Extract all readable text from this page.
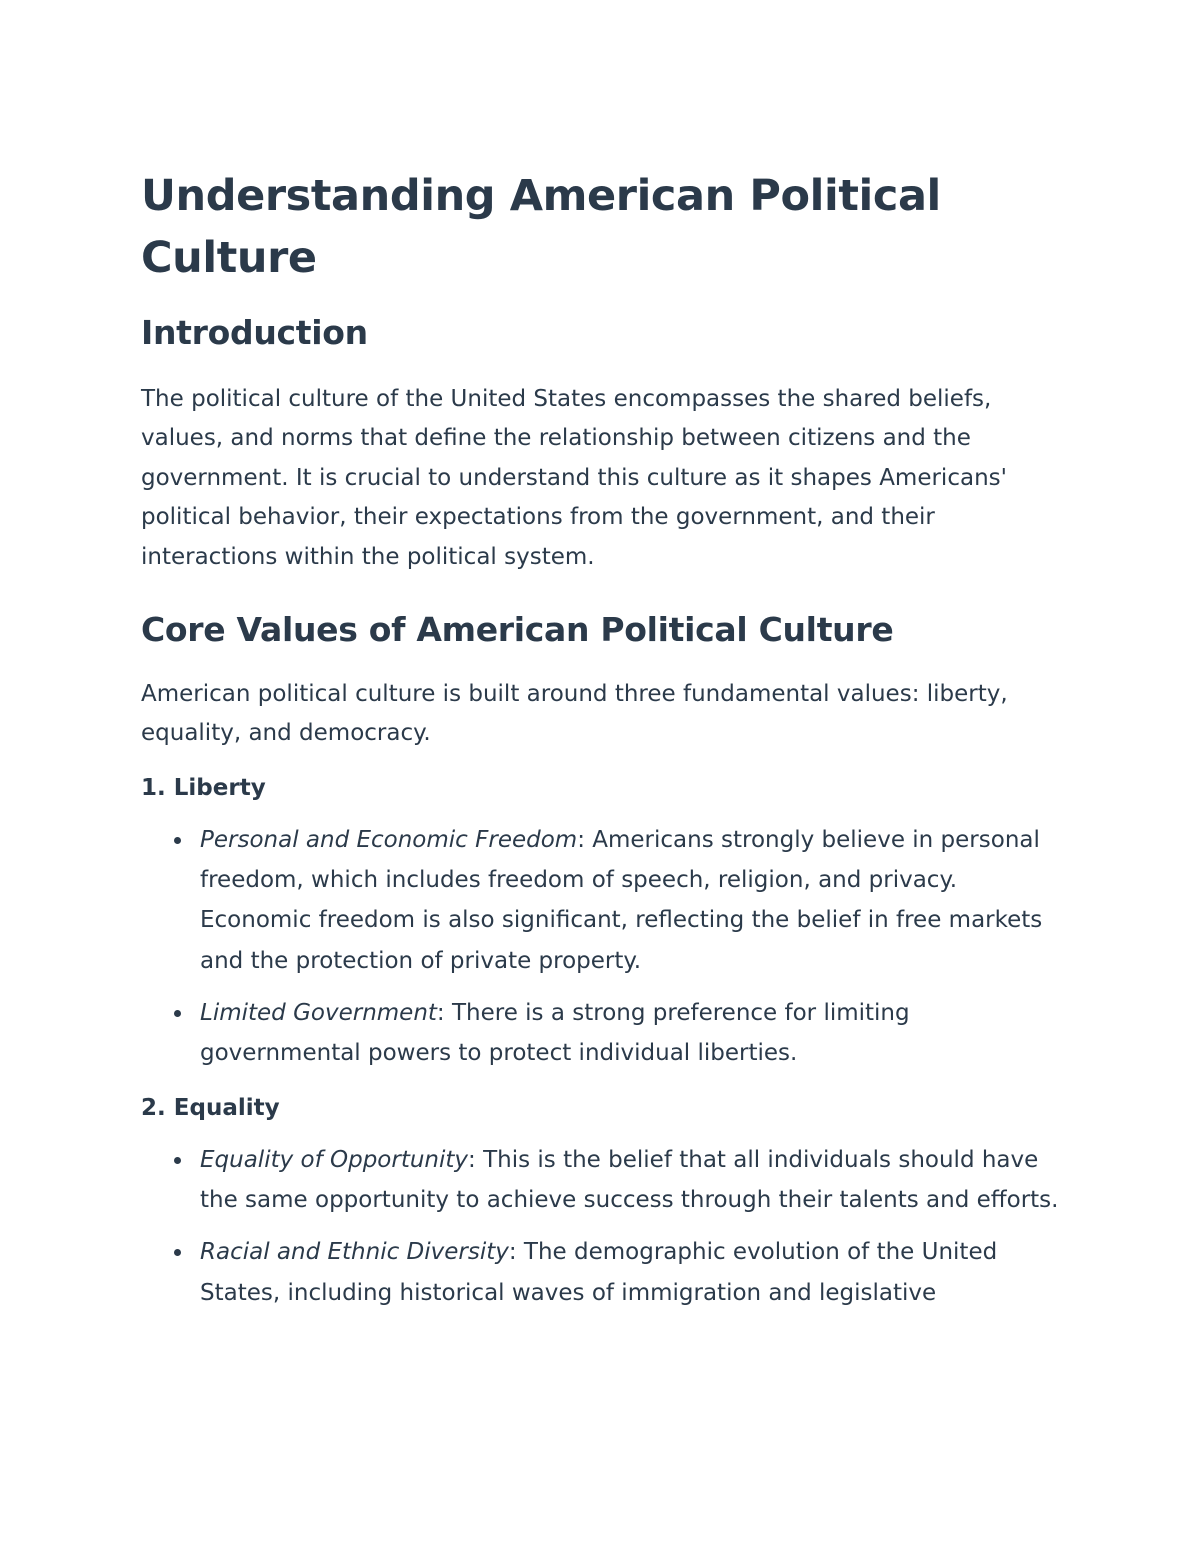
Understanding American Political Culture
Introduction

The political culture of the United States encompasses the shared beliefs, values, and norms that define the relationship between citizens and the government. It is crucial to understand this culture as it shapes Americans' political behavior, their expectations from the government, and their interactions within the political system.

Core Values of American Political Culture

American political culture is built around three fundamental values: liberty, equality, and democracy.

1. Liberty
Personal and Economic Freedom: Americans strongly believe in personal freedom, which includes freedom of speech, religion, and privacy. Economic freedom is also significant, reflecting the belief in free markets and the protection of private property.
Limited Government: There is a strong preference for limiting governmental powers to protect individual liberties.
2. Equality
Equality of Opportunity: This is the belief that all individuals should have the same opportunity to achieve success through their talents and efforts.
Racial and Ethnic Diversity: The demographic evolution of the United States, including historical waves of immigration and legislative
